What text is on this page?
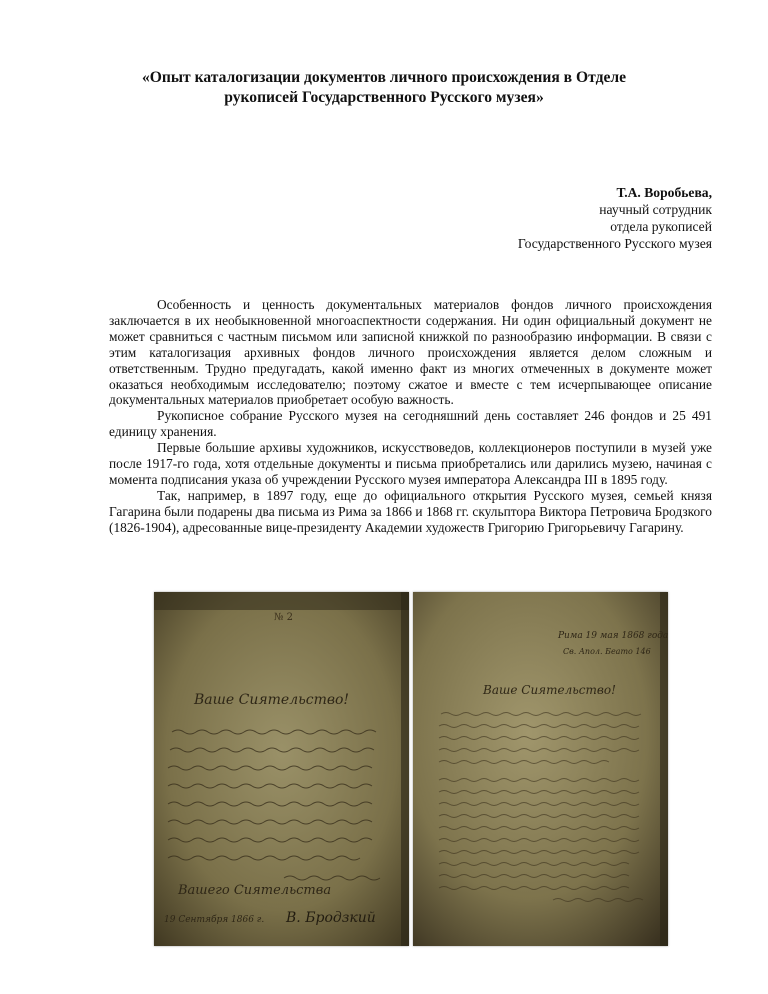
«Опыт каталогизации документов личного происхождения в Отделе
рукописей Государственного Русского музея»
Т.А. Воробьева,
научный сотрудник
отдела рукописей
Государственного Русского музея

Особенность и ценность документальных материалов фондов личного происхождения заключается в их необыкновенной многоаспектности содержания. Ни один официальный документ не может сравниться с частным письмом или записной книжкой по разнообразию информации. В связи с этим каталогизация архивных фондов личного происхождения является делом сложным и ответственным. Трудно предугадать, какой именно факт из многих отмеченных в документе может оказаться необходимым исследователю; поэтому сжатое и вместе с тем исчерпывающее описание документальных материалов приобретает особую важность.

Рукописное собрание Русского музея на сегодняшний день составляет 246 фондов и 25 491 единицу хранения.

Первые большие архивы художников, искусствоведов, коллекционеров поступили в музей уже после 1917-го года, хотя отдельные документы и письма приобретались или дарились музею, начиная с момента подписания указа об учреждении Русского музея императора Александра III в 1895 году.

Так, например, в 1897 году, еще до официального открытия Русского музея, семьей князя Гагарина были подарены два письма из Рима за 1866 и 1868 гг. скульптора Виктора Петровича Бродзкого (1826-1904), адресованные вице-президенту Академии художеств Григорию Григорьевичу Гагарину.

№ 2
Ваше Сиятельство!
Вашего Сиятельства
В. Бродзкий
19 Сентября 1866 г.
Рима 19 мая 1868 года
Св. Апол. Беато 146
Ваше Сиятельство!
